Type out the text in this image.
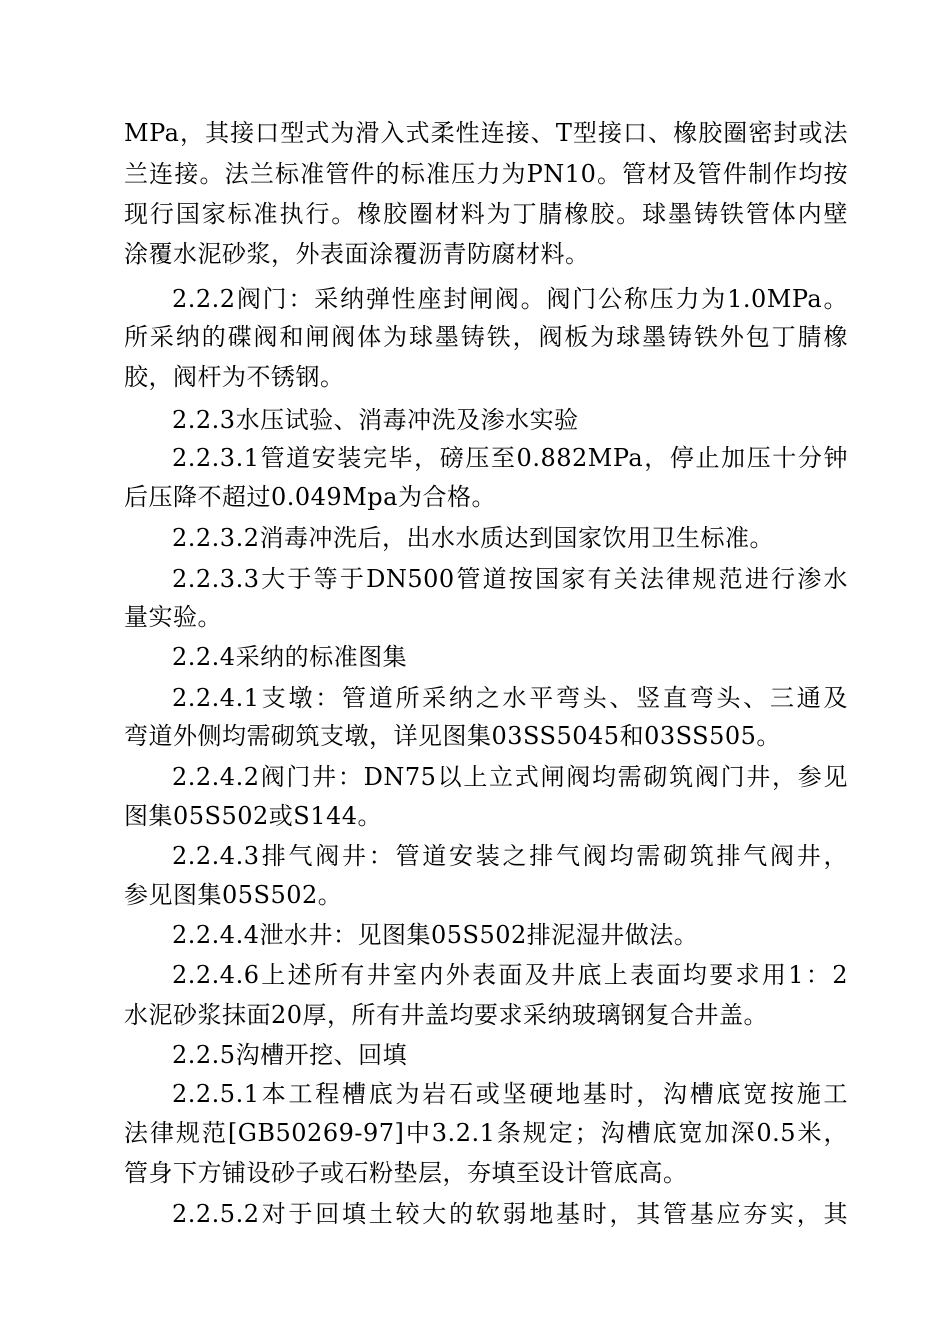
MPa，其接口型式为滑入式柔性连接、T型接口、橡胶圈密封或法
兰连接。法兰标准管件的标准压力为PN10。管材及管件制作均按
现行国家标准执行。橡胶圈材料为丁腈橡胶。球墨铸铁管体内壁
涂覆水泥砂浆，外表面涂覆沥青防腐材料。
2.2.2阀门：采纳弹性座封闸阀。阀门公称压力为1.0MPa。
所采纳的碟阀和闸阀体为球墨铸铁，阀板为球墨铸铁外包丁腈橡
胶，阀杆为不锈钢。
2.2.3水压试验、消毒冲洗及渗水实验
2.2.3.1管道安装完毕，磅压至0.882MPa，停止加压十分钟
后压降不超过0.049Mpa为合格。
2.2.3.2消毒冲洗后，出水水质达到国家饮用卫生标准。
2.2.3.3大于等于DN500管道按国家有关法律规范进行渗水
量实验。
2.2.4采纳的标准图集
2.2.4.1支墩：管道所采纳之水平弯头、竖直弯头、三通及
弯道外侧均需砌筑支墩，详见图集03SS5045和03SS505。
2.2.4.2阀门井：DN75以上立式闸阀均需砌筑阀门井，参见
图集05S502或S144。
2.2.4.3排气阀井：管道安装之排气阀均需砌筑排气阀井，
参见图集05S502。
2.2.4.4泄水井：见图集05S502排泥湿井做法。
2.2.4.6上述所有井室内外表面及井底上表面均要求用1：2
水泥砂浆抹面20厚，所有井盖均要求采纳玻璃钢复合井盖。
2.2.5沟槽开挖、回填
2.2.5.1本工程槽底为岩石或坚硬地基时，沟槽底宽按施工
法律规范[GB50269-97]中3.2.1条规定；沟槽底宽加深0.5米，
管身下方铺设砂子或石粉垫层，夯填至设计管底高。
2.2.5.2对于回填土较大的软弱地基时，其管基应夯实，其
